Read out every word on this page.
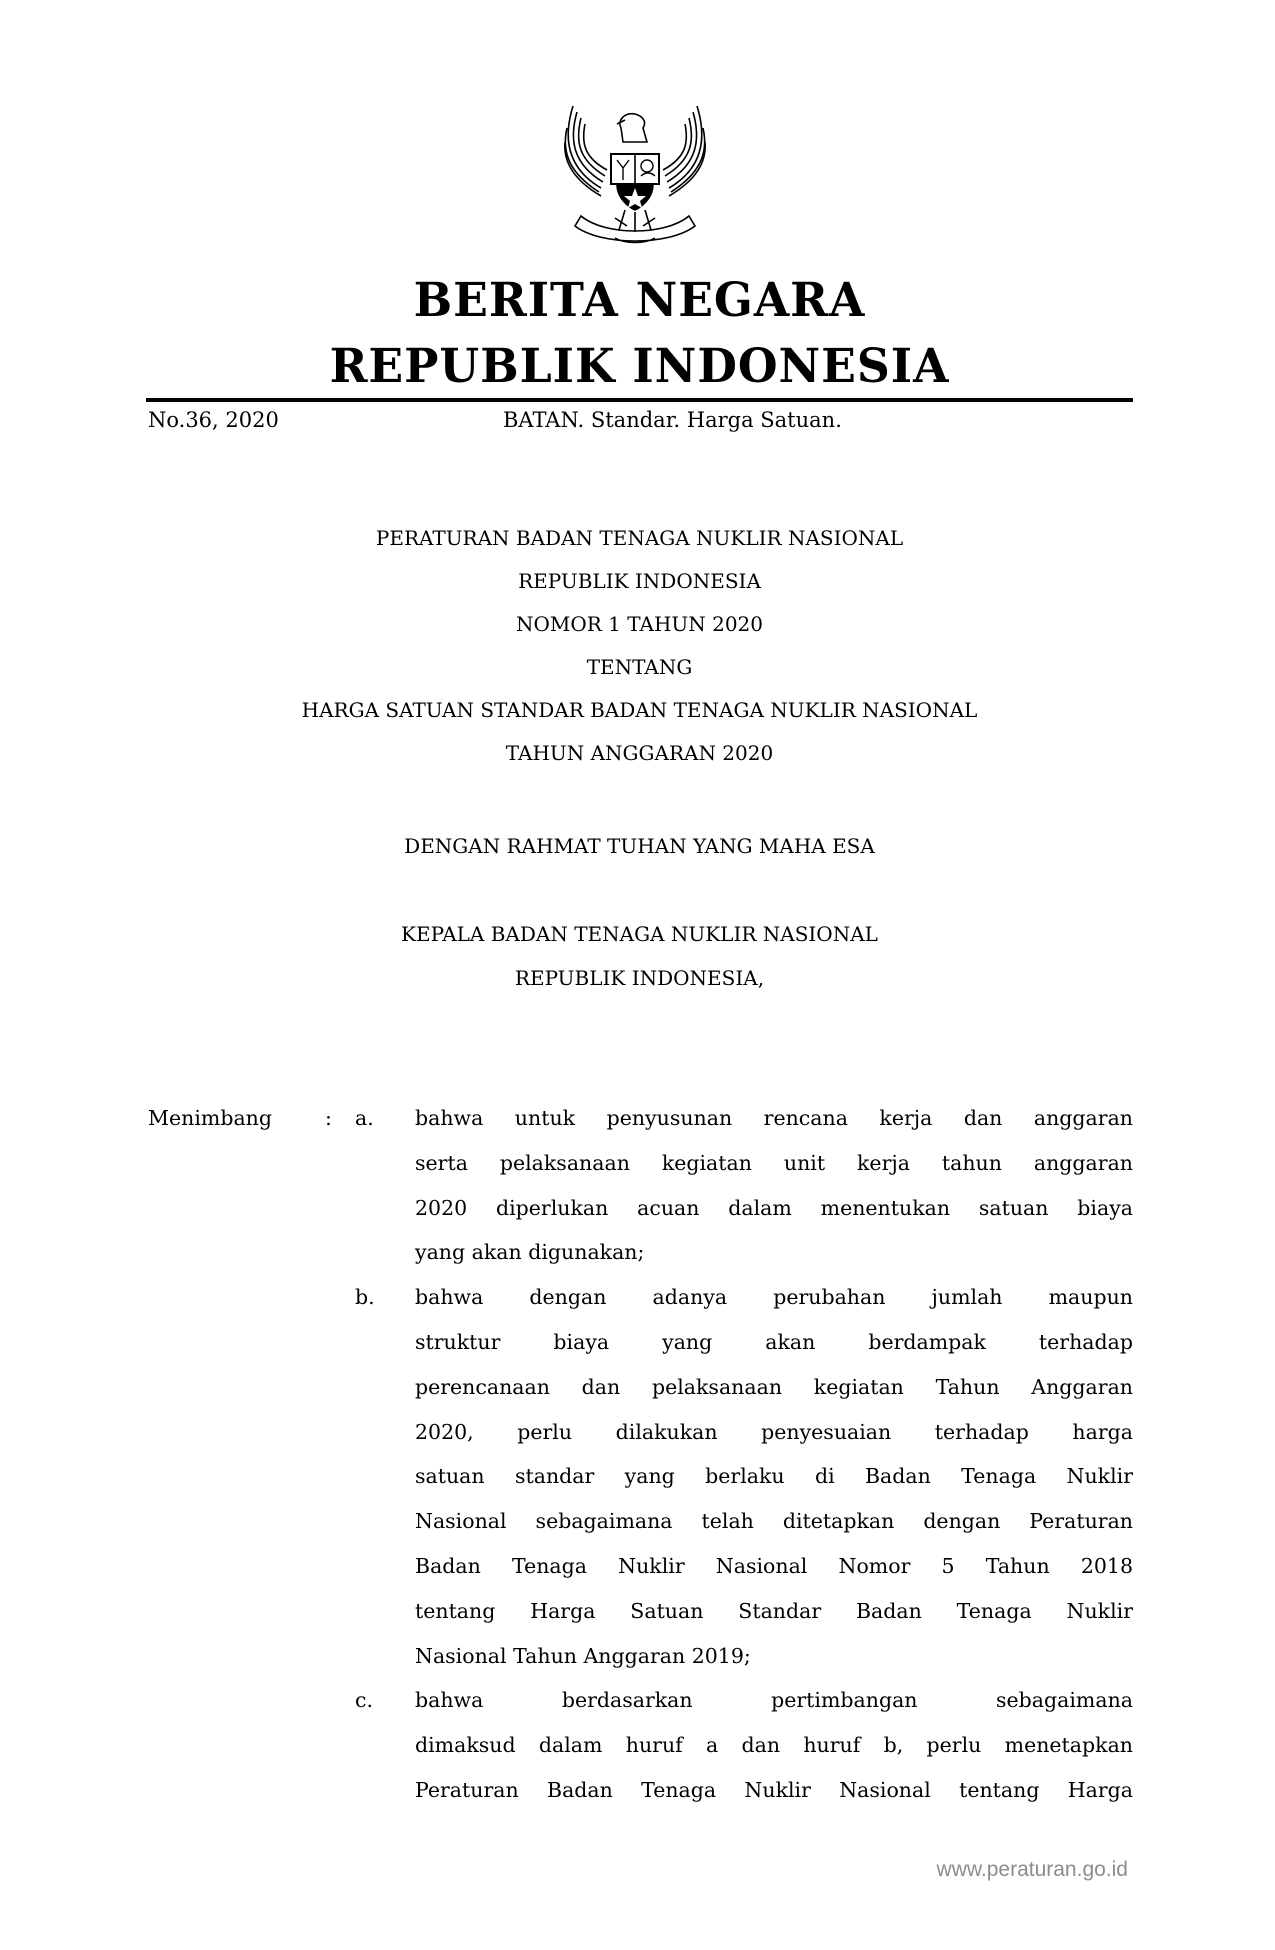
BERITA NEGARA
REPUBLIK INDONESIA
No.36, 2020	BATAN. Standar. Harga Satuan.
PERATURAN BADAN TENAGA NUKLIR NASIONAL
REPUBLIK INDONESIA
NOMOR 1 TAHUN 2020
TENTANG
HARGA SATUAN STANDAR BADAN TENAGA NUKLIR NASIONAL
TAHUN ANGGARAN 2020
DENGAN RAHMAT TUHAN YANG MAHA ESA
KEPALA BADAN TENAGA NUKLIR NASIONAL
REPUBLIK INDONESIA,
Menimbang	:	a.	bahwa untuk penyusunan rencana kerja dan anggaran
serta pelaksanaan kegiatan unit kerja tahun anggaran
2020 diperlukan acuan dalam menentukan satuan biaya
yang akan digunakan;
b.	bahwa dengan adanya perubahan jumlah maupun
struktur biaya yang akan berdampak terhadap
perencanaan dan pelaksanaan kegiatan Tahun Anggaran
2020, perlu dilakukan penyesuaian terhadap harga
satuan standar yang berlaku di Badan Tenaga Nuklir
Nasional sebagaimana telah ditetapkan dengan Peraturan
Badan Tenaga Nuklir Nasional Nomor 5 Tahun 2018
tentang Harga Satuan Standar Badan Tenaga Nuklir
Nasional Tahun Anggaran 2019;
c.	bahwa berdasarkan pertimbangan sebagaimana
dimaksud dalam huruf a dan huruf b, perlu menetapkan
Peraturan Badan Tenaga Nuklir Nasional tentang Harga
www.peraturan.go.id
